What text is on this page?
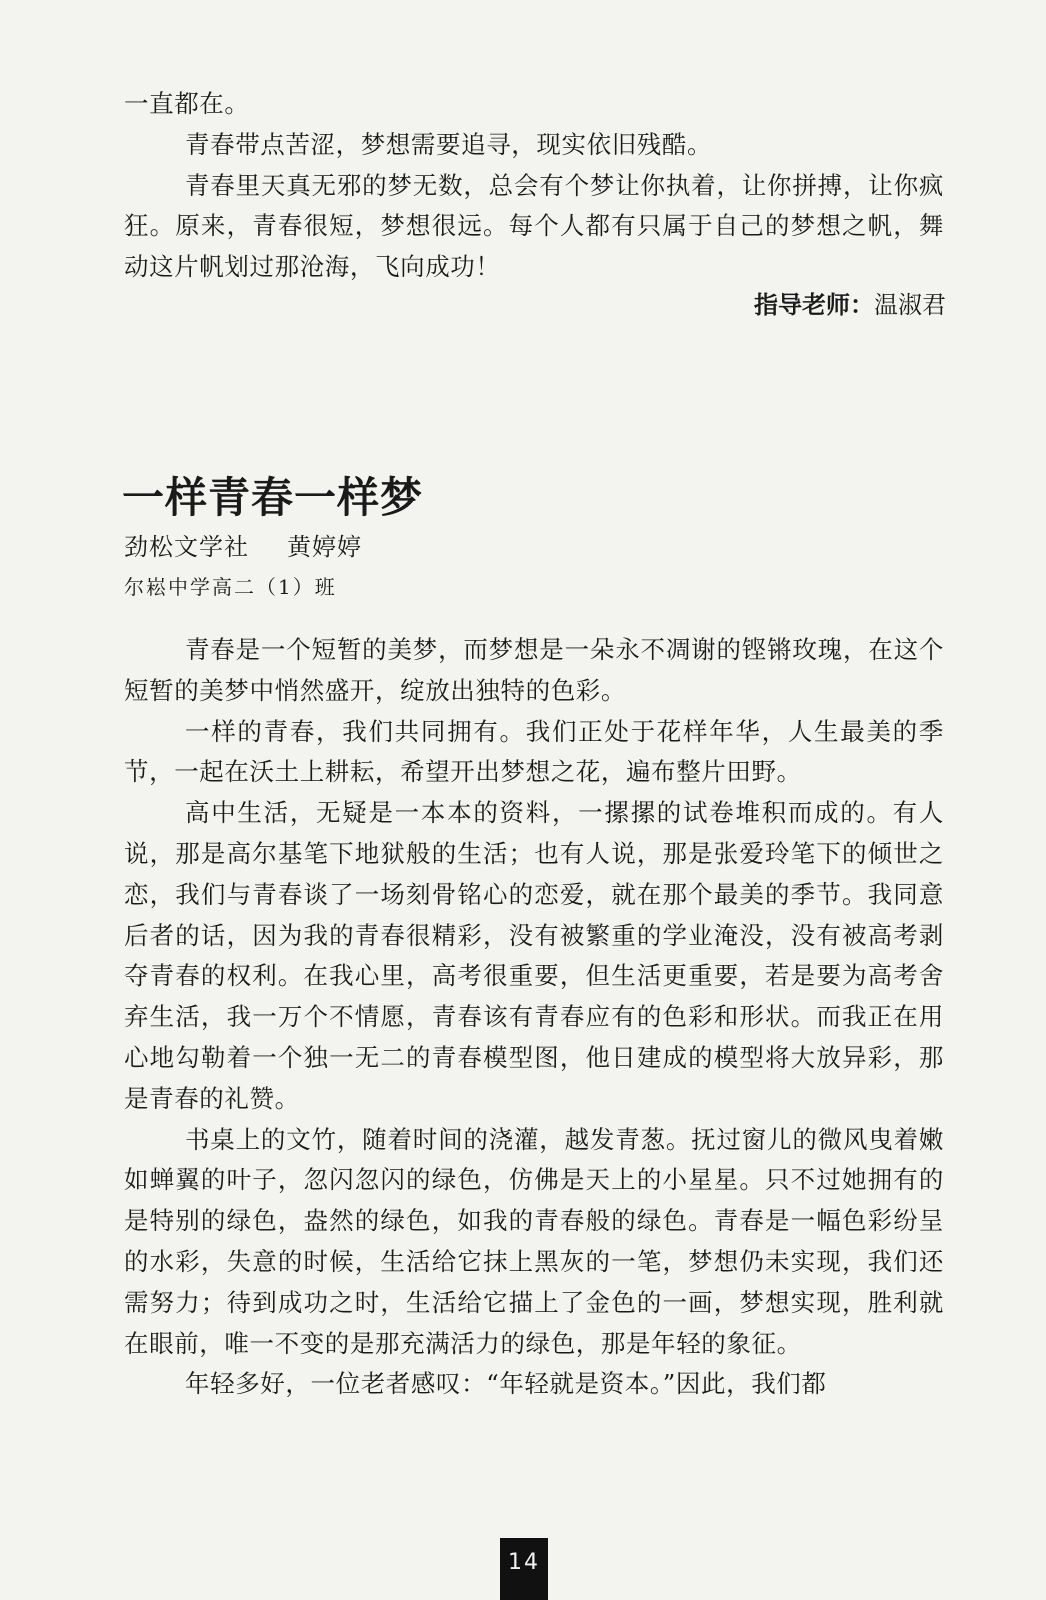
一直都在。

青春带点苦涩，梦想需要追寻，现实依旧残酷。

青春里天真无邪的梦无数，总会有个梦让你执着，让你拼搏，让你疯狂。原来，青春很短，梦想很远。每个人都有只属于自己的梦想之帆，舞动这片帆划过那沧海，飞向成功！

指导老师：温淑君
一样青春一样梦

劲松文学社 黄婷婷

尔崧中学高二（1）班

青春是一个短暂的美梦，而梦想是一朵永不凋谢的铿锵玫瑰，在这个短暂的美梦中悄然盛开，绽放出独特的色彩。

一样的青春，我们共同拥有。我们正处于花样年华，人生最美的季节，一起在沃土上耕耘，希望开出梦想之花，遍布整片田野。

高中生活，无疑是一本本的资料，一摞摞的试卷堆积而成的。有人说，那是高尔基笔下地狱般的生活；也有人说，那是张爱玲笔下的倾世之恋，我们与青春谈了一场刻骨铭心的恋爱，就在那个最美的季节。我同意后者的话，因为我的青春很精彩，没有被繁重的学业淹没，没有被高考剥夺青春的权利。在我心里，高考很重要，但生活更重要，若是要为高考舍弃生活，我一万个不情愿，青春该有青春应有的色彩和形状。而我正在用心地勾勒着一个独一无二的青春模型图，他日建成的模型将大放异彩，那是青春的礼赞。

书桌上的文竹，随着时间的浇灌，越发青葱。抚过窗儿的微风曳着嫩如蝉翼的叶子，忽闪忽闪的绿色，仿佛是天上的小星星。只不过她拥有的是特别的绿色，盎然的绿色，如我的青春般的绿色。青春是一幅色彩纷呈的水彩，失意的时候，生活给它抹上黑灰的一笔，梦想仍未实现，我们还需努力；待到成功之时，生活给它描上了金色的一画，梦想实现，胜利就在眼前，唯一不变的是那充满活力的绿色，那是年轻的象征。

年轻多好，一位老者感叹：“年轻就是资本。”因此，我们都

14
